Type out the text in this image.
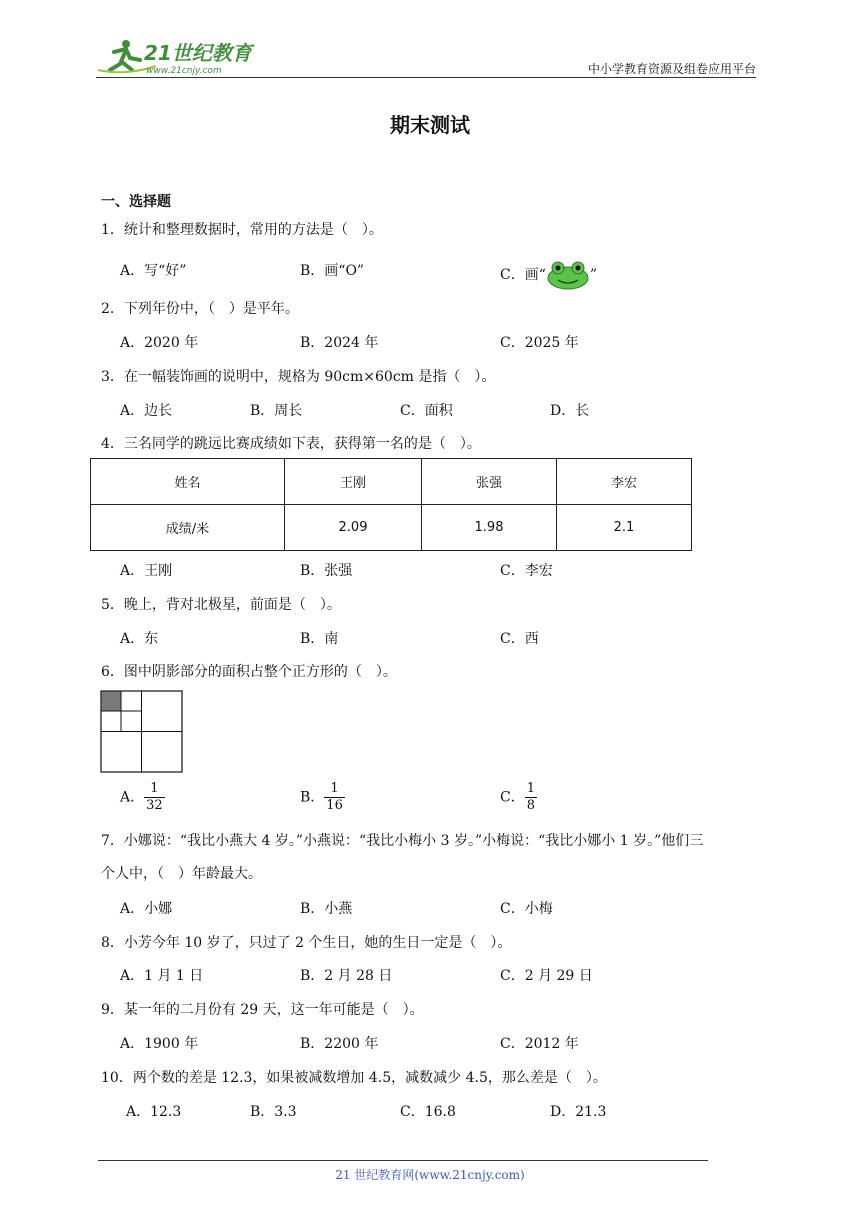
21世纪教育
www.21cnjy.com	中小学教育资源及组卷应用平台
期末测试
一、选择题
1．统计和整理数据时，常用的方法是（　）。
A．写“好”	B．画“O”	C．画“	”
2．下列年份中，（　）是平年。
A．2020 年	B．2024 年	C．2025 年
3．在一幅装饰画的说明中，规格为 90cm×60cm 是指（　）。
A．边长	B．周长	C．面积	D．长
4．三名同学的跳远比赛成绩如下表，获得第一名的是（　）。
姓名	王刚	张强	李宏
成绩/米	2.09	1.98	2.1
A．王刚	B．张强	C．李宏
5．晚上，背对北极星，前面是（　）。
A．东	B．南	C．西
6．图中阴影部分的面积占整个正方形的（　）。
A． $\frac{1}{32}$	B． $\frac{1}{16}$	C． $\frac{1}{8}$
7．小娜说：“我比小燕大 4 岁。”小燕说：“我比小梅小 3 岁。”小梅说：“我比小娜小 1 岁。”他们三
个人中，（　）年龄最大。
A．小娜	B．小燕	C．小梅
8．小芳今年 10 岁了，只过了 2 个生日，她的生日一定是（　）。
A．1 月 1 日	B．2 月 28 日	C．2 月 29 日
9．某一年的二月份有 29 天，这一年可能是（　）。
A．1900 年	B．2200 年	C．2012 年
10．两个数的差是 12.3，如果被减数增加 4.5，减数减少 4.5，那么差是（　）。
A．12.3	B．3.3	C．16.8	D．21.3
21 世纪教育网(www.21cnjy.com)
